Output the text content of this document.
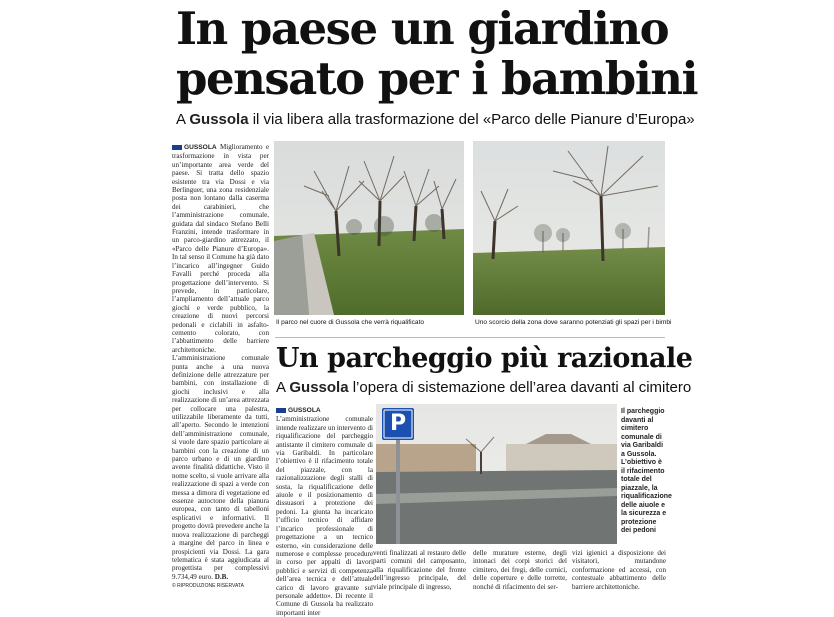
In paese un giardino pensato per i bambini
A Gussola il via libera alla trasformazione del «Parco delle Pianure d’Europa»
GUSSOLA Miglioramento e trasformazione in vista per un’importante area verde del paese. Si tratta dello spazio esistente tra via Dossi e via Berlinguer, una zona residenziale posta non lontano dalla caserma dei carabinieri, che l’amministrazione comunale, guidata dal sindaco Stefano Belli Franzini, intende trasformare in un parco-giardino attrezzato, il «Parco delle Pianure d’Europa». In tal senso il Comune ha già dato l’incarico all’ingegner Guido Favalli perché proceda alla progettazione dell’intervento. Si prevede, in particolare, l’ampliamento dell’attuale parco giochi e verde pubblico, la creazione di nuovi percorsi pedonali e ciclabili in asfalto-cemento colorato, con l’abbattimento delle barriere architettoniche. L’amministrazione comunale punta anche a una nuova definizione delle attrezzature per bambini, con installazione di giochi inclusivi e alla realizzazione di un’area attrezzata per collocare una palestra, utilizzabile liberamente da tutti, all’aperto. Secondo le intenzioni dell’amministrazione comunale, si vuole dare spazio particolare ai bambini con la creazione di un parco urbano e di un giardino avente finalità didattiche. Visto il nome scelto, si vuole arrivare alla realizzazione di spazi a verde con messa a dimora di vegetazione ed essenze autoctone della pianura europea, con tanto di tabelloni esplicativi e informativi. Il progetto dovrà prevedere anche la nuova realizzazione di parcheggi a margine del parco in linea e prospicienti via Dossi. La gara telematica è stata aggiudicata al progettista per complessivi 9.734,49 euro. D.B.
© RIPRODUZIONE RISERVATA
Il parco nel cuore di Gussola che verrà riqualificato	Uno scorcio della zona dove saranno potenziati gli spazi per i bimbi
Un parcheggio più razionale
A Gussola l’opera di sistemazione dell’area davanti al cimitero
GUSSOLA L’amministrazione comunale intende realizzare un intervento di riqualificazione del parcheggio antistante il cimitero comunale di via Garibaldi. In particolare l’obiettivo è il rifacimento totale del piazzale, con la razionalizzazione degli stalli di sosta, la riqualificazione delle aiuole e il posizionamento di dissuasori a protezione dei pedoni. La giunta ha incaricato l’ufficio tecnico di affidare l’incarico professionale di progettazione a un tecnico esterno, «in considerazione delle numerose e complesse procedure in corso per appalti di lavori pubblici e servizi di competenza dell’area tecnica e dell’attuale carico di lavoro gravante sul personale addetto». Di recente il Comune di Gussola ha realizzato importanti inter
P	Il parcheggio davanti al cimitero comunale di via Garibaldi a Gussola. L’obiettivo è il rifacimento totale del piazzale, la riqualificazione delle aiuole e la sicurezza e protezione dei pedoni
venti finalizzati al restauro delle parti comuni del camposanto, alla riqualificazione del fronte dell’ingresso principale, del viale principale di ingresso,
delle murature esterne, degli intonaci dei corpi storici del cimitero, dei fregi, delle cornici, delle coperture e delle torrette, nonché di rifacimento dei ser-
vizi igienici a disposizione dei visitatori, mutandone conformazione ed accessi, con contestuale abbattimento delle barriere architettoniche.
